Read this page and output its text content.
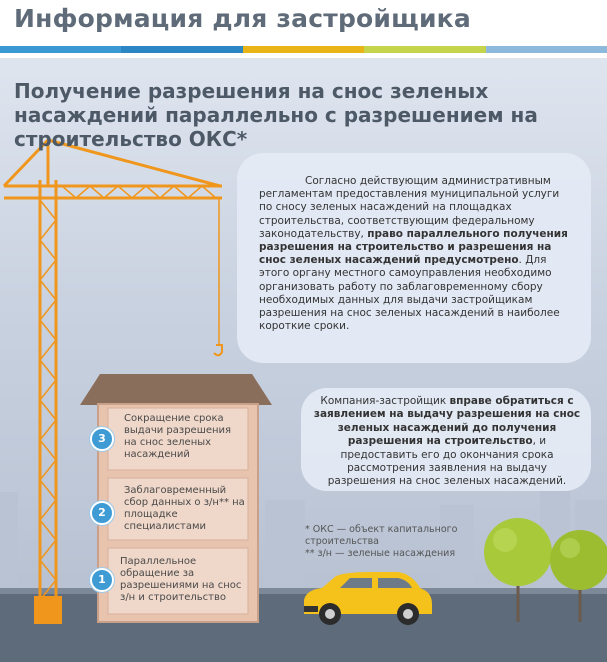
Информация для застройщика
Получение разрешения на снос зеленых насаждений параллельно с разрешением на строительство ОКС*
Согласно действующим административным регламентам предоставления муниципальной услуги по сносу зеленых насаждений на площадках строительства, соответствующим федеральному законодательству, право параллельного получения разрешения на строительство и разрешения на снос зеленых насаждений предусмотрено. Для этого органу местного самоуправления необходимо организовать работу по заблаговременному сбору необходимых данных для выдачи застройщикам разрешения на снос зеленых насаждений в наиболее короткие сроки.
Компания-застройщик вправе обратиться с заявлением на выдачу разрешения на снос зеленых насаждений до получения разрешения на строительство, и предоставить его до окончания срока рассмотрения заявления на выдачу разрешения на снос зеленых насаждений.
* ОКС — объект капитального строительства
** з/н — зеленые насаждения
3
Сокращение срока выдачи разрешения на снос зеленых насаждений
2
Заблаговременный сбор данных о з/н** на площадке специалистами
1
Параллельное обращение за разрешениями на снос з/н и строительство
